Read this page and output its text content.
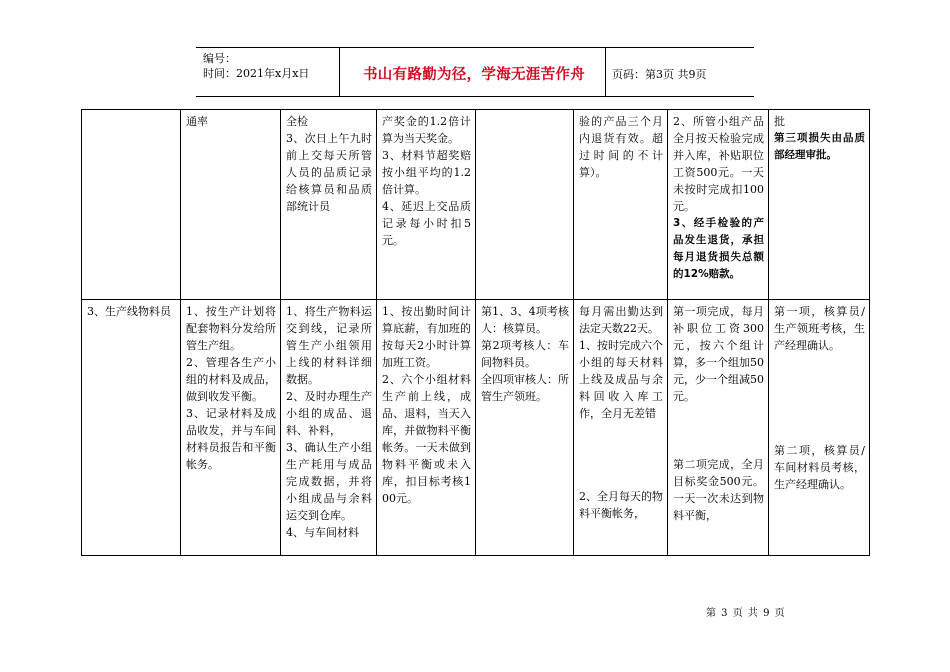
编号：
时间：2021年x月x日	书山有路勤为径，学海无涯苦作舟	页码：第3页 共9页

	通率	全检
3、次日上午九时前上交每天所管人员的品质记录给核算员和品质部统计员	产奖金的1.2倍计算为当天奖金。
3、材料节超奖赔按小组平均的1.2倍计算。
4、延迟上交品质记录每小时扣5元。		验的产品三个月内退货有效。超过时间的不计算）。	2、所管小组产品全月按天检验完成并入库，补贴职位工资500元。一天未按时完成扣100元。
3、经手检验的产品发生退货，承担每月退货损失总额的12%赔款。	批
第三项损失由品质部经理审批。

3、生产线物料员	1、按生产计划将配套物料分发给所管生产组。
2、管理各生产小组的材料及成品，做到收发平衡。
3、记录材料及成品收发，并与车间材料员报告和平衡帐务。	1、将生产物料运交到线，记录所管生产小组领用上线的材料详细数据。
2、及时办理生产小组的成品、退料、补料，
3、确认生产小组生产耗用与成品完成数据，并将小组成品与余料运交到仓库。
4、与车间材料	1、按出勤时间计算底薪，有加班的按每天2小时计算加班工资。
2、六个小组材料生产前上线，成品、退料，当天入库，并做物料平衡帐务。一天未做到物料平衡或未入库，扣目标考核100元。	第1、3、4项考核人：核算员。
第2项考核人：车间物料员。
全四项审核人：所管生产领班。	每月需出勤达到法定天数22天。
1、按时完成六个小组的每天材料上线及成品与余料回收入库工作，全月无差错
2、全月每天的物料平衡帐务，	第一项完成，每月补职位工资300元，按六个组计算，多一个组加50元，少一个组减50元。
第二项完成，全月目标奖金500元。一天一次未达到物料平衡，	第一项，核算员/生产领班考核，生产经理确认。
第二项，核算员/车间材料员考核，生产经理确认。
第 3 页 共 9 页
